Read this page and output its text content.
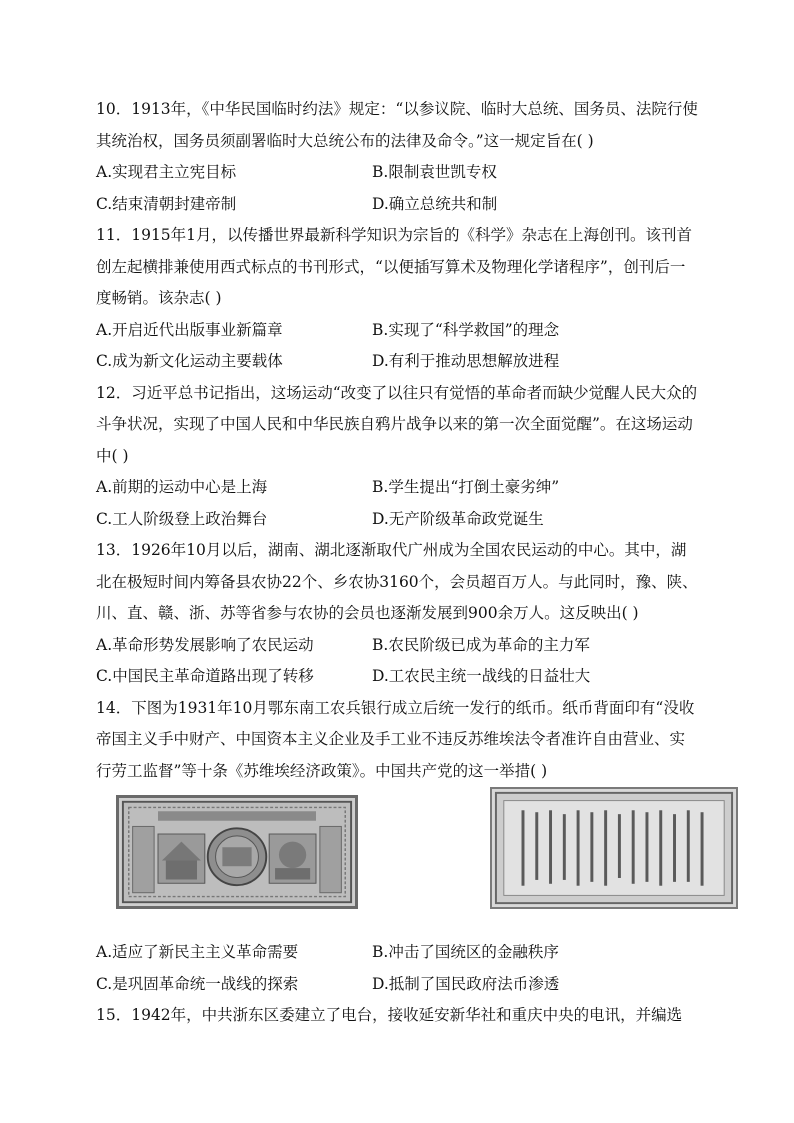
10．1913年，《中华民国临时约法》规定：“以参议院、临时大总统、国务员、法院行使其统治权，国务员须副署临时大总统公布的法律及命令。”这一规定旨在( )

A.实现君主立宪目标	B.限制袁世凯专权
C.结束清朝封建帝制	D.确立总统共和制

11．1915年1月，以传播世界最新科学知识为宗旨的《科学》杂志在上海创刊。该刊首创左起横排兼使用西式标点的书刊形式，“以便插写算术及物理化学诸程序”，创刊后一度畅销。该杂志( )

A.开启近代出版事业新篇章	B.实现了“科学救国”的理念
C.成为新文化运动主要载体	D.有利于推动思想解放进程

12．习近平总书记指出，这场运动“改变了以往只有觉悟的革命者而缺少觉醒人民大众的斗争状况，实现了中国人民和中华民族自鸦片战争以来的第一次全面觉醒”。在这场运动中( )

A.前期的运动中心是上海	B.学生提出“打倒土豪劣绅”
C.工人阶级登上政治舞台	D.无产阶级革命政党诞生

13．1926年10月以后，湖南、湖北逐渐取代广州成为全国农民运动的中心。其中，湖北在极短时间内筹备县农协22个、乡农协3160个，会员超百万人。与此同时，豫、陕、川、直、赣、浙、苏等省参与农协的会员也逐渐发展到900余万人。这反映出( )

A.革命形势发展影响了农民运动	B.农民阶级已成为革命的主力军
C.中国民主革命道路出现了转移	D.工农民主统一战线的日益壮大

14．下图为1931年10月鄂东南工农兵银行成立后统一发行的纸币。纸币背面印有“没收帝国主义手中财产、中国资本主义企业及手工业不违反苏维埃法令者准许自由营业、实行劳工监督”等十条《苏维埃经济政策》。中国共产党的这一举措( )

A.适应了新民主主义革命需要	B.冲击了国统区的金融秩序
C.是巩固革命统一战线的探索	D.抵制了国民政府法币渗透

15．1942年，中共浙东区委建立了电台，接收延安新华社和重庆中央的电讯，并编选
